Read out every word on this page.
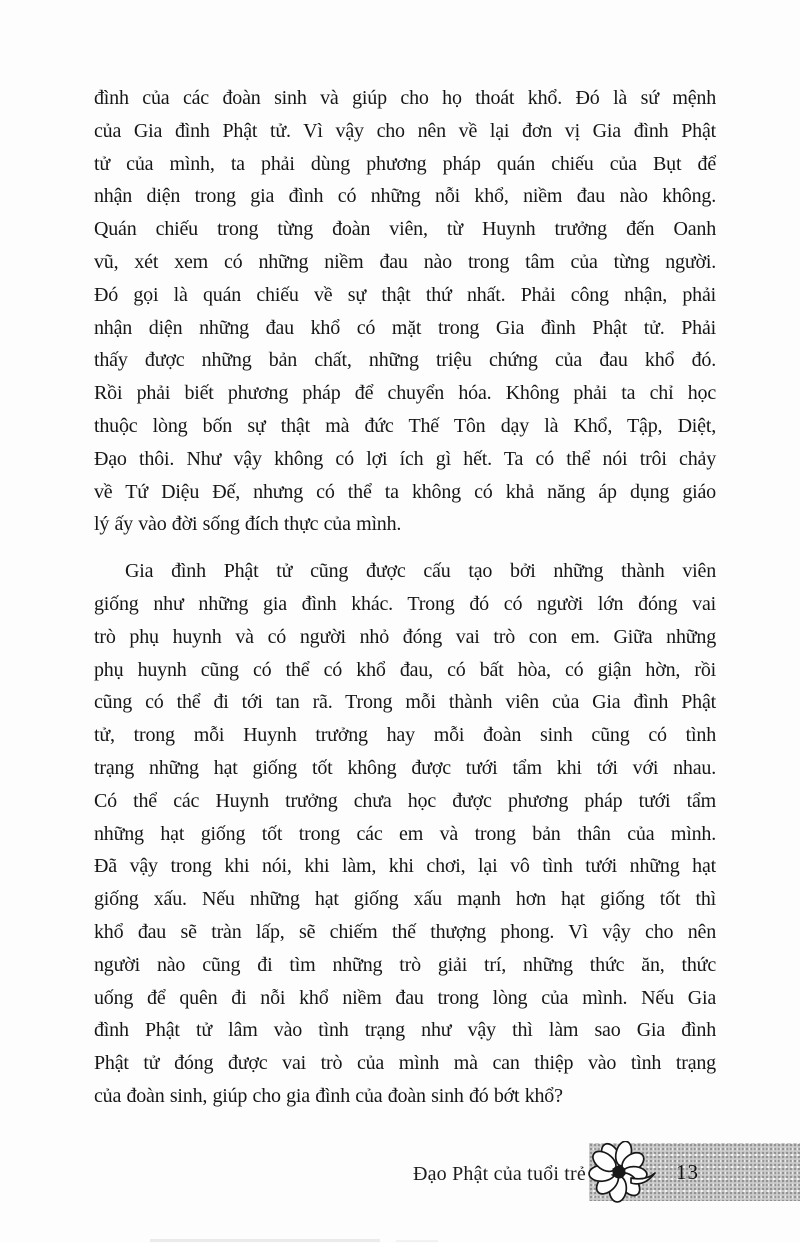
đình của các đoàn sinh và giúp cho họ thoát khổ. Đó là sứ mệnh
của Gia đình Phật tử. Vì vậy cho nên về lại đơn vị Gia đình Phật
tử của mình, ta phải dùng phương pháp quán chiếu của Bụt để
nhận diện trong gia đình có những nỗi khổ, niềm đau nào không.
Quán chiếu trong từng đoàn viên, từ Huynh trưởng đến Oanh
vũ, xét xem có những niềm đau nào trong tâm của từng người.
Đó gọi là quán chiếu về sự thật thứ nhất. Phải công nhận, phải
nhận diện những đau khổ có mặt trong Gia đình Phật tử. Phải
thấy được những bản chất, những triệu chứng của đau khổ đó.
Rồi phải biết phương pháp để chuyển hóa. Không phải ta chỉ học
thuộc lòng bốn sự thật mà đức Thế Tôn dạy là Khổ, Tập, Diệt,
Đạo thôi. Như vậy không có lợi ích gì hết. Ta có thể nói trôi chảy
về Tứ Diệu Đế, nhưng có thể ta không có khả năng áp dụng giáo
lý ấy vào đời sống đích thực của mình.
Gia đình Phật tử cũng được cấu tạo bởi những thành viên
giống như những gia đình khác. Trong đó có người lớn đóng vai
trò phụ huynh và có người nhỏ đóng vai trò con em. Giữa những
phụ huynh cũng có thể có khổ đau, có bất hòa, có giận hờn, rồi
cũng có thể đi tới tan rã. Trong mỗi thành viên của Gia đình Phật
tử, trong mỗi Huynh trưởng hay mỗi đoàn sinh cũng có tình
trạng những hạt giống tốt không được tưới tẩm khi tới với nhau.
Có thể các Huynh trưởng chưa học được phương pháp tưới tẩm
những hạt giống tốt trong các em và trong bản thân của mình.
Đã vậy trong khi nói, khi làm, khi chơi, lại vô tình tưới những hạt
giống xấu. Nếu những hạt giống xấu mạnh hơn hạt giống tốt thì
khổ đau sẽ tràn lấp, sẽ chiếm thế thượng phong. Vì vậy cho nên
người nào cũng đi tìm những trò giải trí, những thức ăn, thức
uống để quên đi nỗi khổ niềm đau trong lòng của mình. Nếu Gia
đình Phật tử lâm vào tình trạng như vậy thì làm sao Gia đình
Phật tử đóng được vai trò của mình mà can thiệp vào tình trạng
của đoàn sinh, giúp cho gia đình của đoàn sinh đó bớt khổ?
Đạo Phật của tuổi trẻ	13
